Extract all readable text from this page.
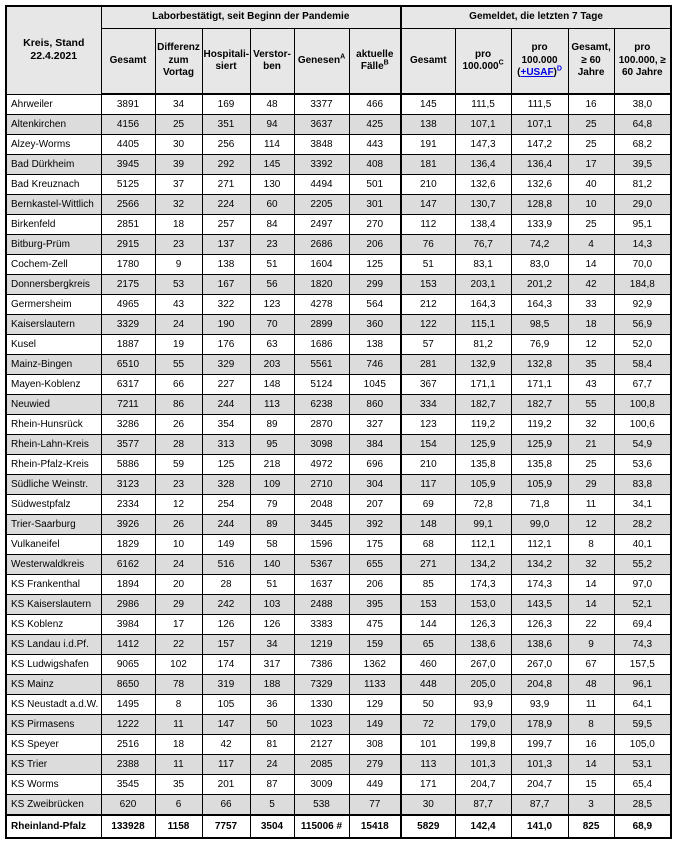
Kreis, Stand 22.4.2021	Laborbestätigt, seit Beginn der Pandemie						Gemeldet, die letzten 7 Tage				
	Gesamt	Differenz zum Vortag	Hospitali-siert	Verstor-ben	Genesen$^A$	aktuelle Fälle$^B$	Gesamt	pro $100.000^C$	pro 100.000 (+USAF)$^D$	Gesamt, ≥ 60 Jahre	pro 100.000, ≥ 60 Jahre
Ahrweiler	3891	34	169	48	3377	466	145	111,5	111,5	16	38,0
Altenkirchen	4156	25	351	94	3637	425	138	107,1	107,1	25	64,8
Alzey-Worms	4405	30	256	114	3848	443	191	147,3	147,2	25	68,2
Bad Dürkheim	3945	39	292	145	3392	408	181	136,4	136,4	17	39,5
Bad Kreuznach	5125	37	271	130	4494	501	210	132,6	132,6	40	81,2
Bernkastel-Wittlich	2566	32	224	60	2205	301	147	130,7	128,8	10	29,0
Birkenfeld	2851	18	257	84	2497	270	112	138,4	133,9	25	95,1
Bitburg-Prüm	2915	23	137	23	2686	206	76	76,7	74,2	4	14,3
Cochem-Zell	1780	9	138	51	1604	125	51	83,1	83,0	14	70,0
Donnersbergkreis	2175	53	167	56	1820	299	153	203,1	201,2	42	184,8
Germersheim	4965	43	322	123	4278	564	212	164,3	164,3	33	92,9
Kaiserslautern	3329	24	190	70	2899	360	122	115,1	98,5	18	56,9
Kusel	1887	19	176	63	1686	138	57	81,2	76,9	12	52,0
Mainz-Bingen	6510	55	329	203	5561	746	281	132,9	132,8	35	58,4
Mayen-Koblenz	6317	66	227	148	5124	1045	367	171,1	171,1	43	67,7
Neuwied	7211	86	244	113	6238	860	334	182,7	182,7	55	100,8
Rhein-Hunsrück	3286	26	354	89	2870	327	123	119,2	119,2	32	100,6
Rhein-Lahn-Kreis	3577	28	313	95	3098	384	154	125,9	125,9	21	54,9
Rhein-Pfalz-Kreis	5886	59	125	218	4972	696	210	135,8	135,8	25	53,6
Südliche Weinstr.	3123	23	328	109	2710	304	117	105,9	105,9	29	83,8
Südwestpfalz	2334	12	254	79	2048	207	69	72,8	71,8	11	34,1
Trier-Saarburg	3926	26	244	89	3445	392	148	99,1	99,0	12	28,2
Vulkaneifel	1829	10	149	58	1596	175	68	112,1	112,1	8	40,1
Westerwaldkreis	6162	24	516	140	5367	655	271	134,2	134,2	32	55,2
KS Frankenthal	1894	20	28	51	1637	206	85	174,3	174,3	14	97,0
KS Kaiserslautern	2986	29	242	103	2488	395	153	153,0	143,5	14	52,1
KS Koblenz	3984	17	126	126	3383	475	144	126,3	126,3	22	69,4
KS Landau i.d.Pf.	1412	22	157	34	1219	159	65	138,6	138,6	9	74,3
KS Ludwigshafen	9065	102	174	317	7386	1362	460	267,0	267,0	67	157,5
KS Mainz	8650	78	319	188	7329	1133	448	205,0	204,8	48	96,1
KS Neustadt a.d.W.	1495	8	105	36	1330	129	50	93,9	93,9	11	64,1
KS Pirmasens	1222	11	147	50	1023	149	72	179,0	178,9	8	59,5
KS Speyer	2516	18	42	81	2127	308	101	199,8	199,7	16	105,0
KS Trier	2388	11	117	24	2085	279	113	101,3	101,3	14	53,1
KS Worms	3545	35	201	87	3009	449	171	204,7	204,7	15	65,4
KS Zweibrücken	620	6	66	5	538	77	30	87,7	87,7	3	28,5
Rheinland-Pfalz	133928	1158	7757	3504	115006 #	15418	5829	142,4	141,0	825	68,9
